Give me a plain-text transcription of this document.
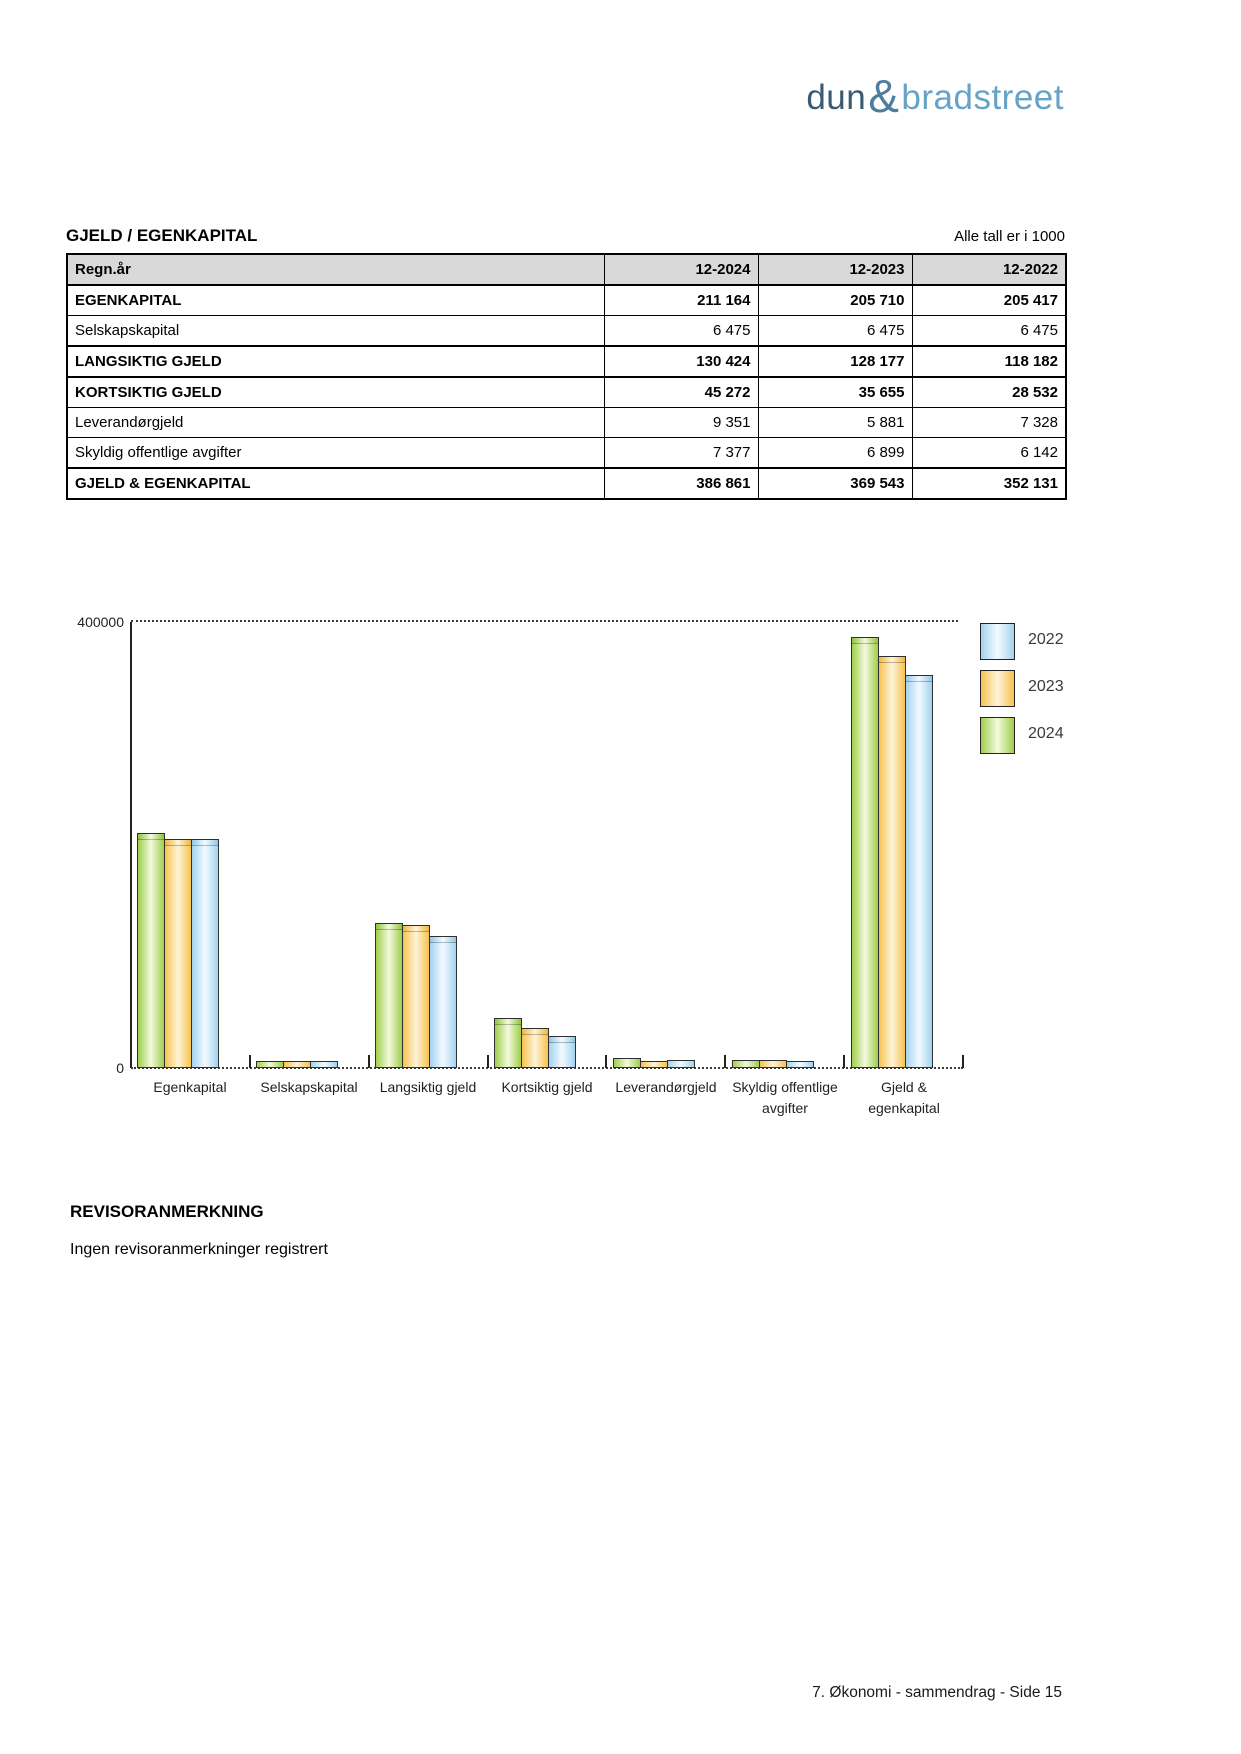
dun & bradstreet
GJELD / EGENKAPITAL	Alle tall er i 1000
Regn.år	12-2024	12-2023	12-2022
EGENKAPITAL	211 164	205 710	205 417
Selskapskapital	6 475	6 475	6 475
LANGSIKTIG GJELD	130 424	128 177	118 182
KORTSIKTIG GJELD	45 272	35 655	28 532
Leverandørgjeld	9 351	5 881	7 328
Skyldig offentlige avgifter	7 377	6 899	6 142
GJELD & EGENKAPITAL	386 861	369 543	352 131
400000
0
Egenkapital	Selskapskapital	Langsiktig gjeld	Kortsiktig gjeld	Leverandørgjeld	Skyldig offentlige
avgifter
Gjeld &
egenkapital
2022
2023
2024
REVISORANMERKNING
Ingen revisoranmerkninger registrert
7. Økonomi - sammendrag - Side 15
